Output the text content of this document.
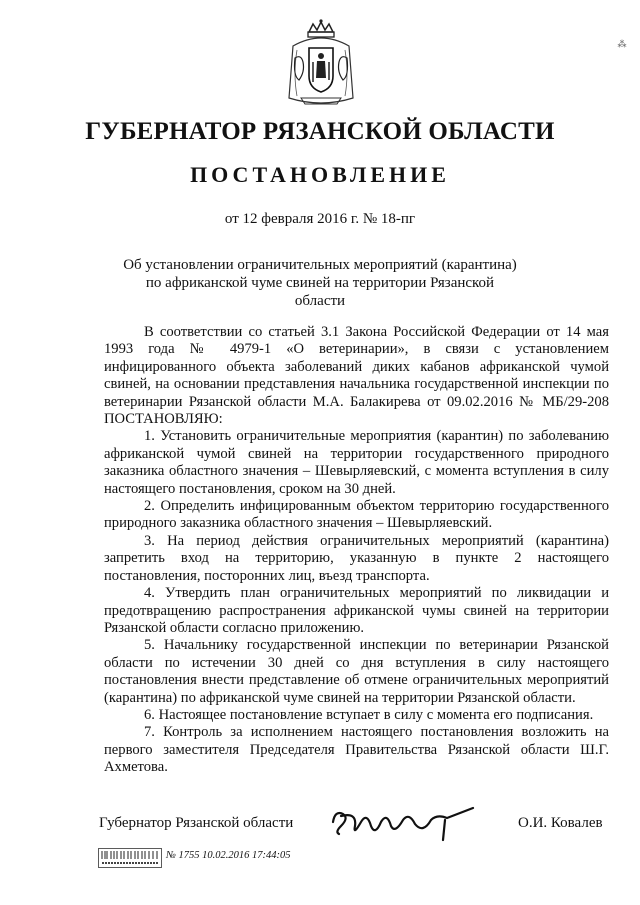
⁂
ГУБЕРНАТОР РЯЗАНСКОЙ ОБЛАСТИ
ПОСТАНОВЛЕНИЕ
от 12 февраля 2016 г. № 18-пг
Об установлении ограничительных мероприятий (карантина) по африканской чуме свиней на территории Рязанской области

В соответствии со статьей 3.1 Закона Российской Федерации от 14 мая 1993 года № 4979-1 «О ветеринарии», в связи с установлением инфицированного объекта заболеваний диких кабанов африканской чумой свиней, на основании представления начальника государственной инспекции по ветеринарии Рязанской области М.А. Балакирева от 09.02.2016 № МБ/29-208 ПОСТАНОВЛЯЮ:

1. Установить ограничительные мероприятия (карантин) по заболеванию африканской чумой свиней на территории государственного природного заказника областного значения – Шевырляевский, с момента вступления в силу настоящего постановления, сроком на 30 дней.

2. Определить инфицированным объектом территорию государственного природного заказника областного значения – Шевырляевский.

3. На период действия ограничительных мероприятий (карантина) запретить вход на территорию, указанную в пункте 2 настоящего постановления, посторонних лиц, въезд транспорта.

4. Утвердить план ограничительных мероприятий по ликвидации и предотвращению распространения африканской чумы свиней на территории Рязанской области согласно приложению.

5. Начальнику государственной инспекции по ветеринарии Рязанской области по истечении 30 дней со дня вступления в силу настоящего постановления внести представление об отмене ограничительных мероприятий (карантина) по африканской чуме свиней на территории Рязанской области.

6. Настоящее постановление вступает в силу с момента его подписания.

7. Контроль за исполнением настоящего постановления возложить на первого заместителя Председателя Правительства Рязанской области Ш.Г. Ахметова.

Губернатор Рязанской области	О.И. Ковалев
№ 1755 10.02.2016 17:44:05
